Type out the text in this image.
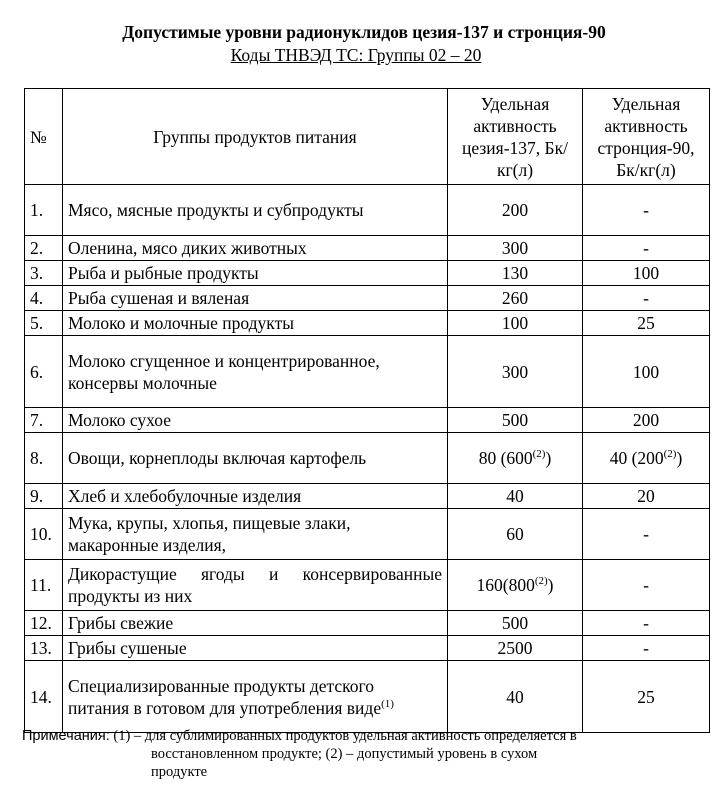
Допустимые уровни радионуклидов цезия-137 и стронция-90
Коды ТНВЭД ТС: Группы 02 – 20
№	Группы продуктов питания	Удельная активность цезия-137, Бк/кг(л)	Удельная активность стронция-90, Бк/кг(л)
1.	Мясо, мясные продукты и субпродукты	200	-
2.	Оленина, мясо диких животных	300	-
3.	Рыба и рыбные продукты	130	100
4.	Рыба сушеная и вяленая	260	-
5.	Молоко и молочные продукты	100	25
6.	Молоко сгущенное и концентрированное, консервы молочные	300	100
7.	Молоко сухое	500	200
8.	Овощи, корнеплоды включая картофель	80 (600$^{(2)}$)	40 (200$^{(2)}$)
9.	Хлеб и хлебобулочные изделия	40	20
10.	Мука, крупы, хлопья, пищевые злаки, макаронные изделия,	60	-
11.	Дикорастущие ягоды и консервированные продукты из них	160(800$^{(2)}$)	-
12.	Грибы свежие	500	-
13.	Грибы сушеные	2500	-
14.	Специализированные продукты детского питания в готовом для употребления виде$^{(1)}$	40	25
Примечания: (1) – для сублимированных продуктов удельная активность определяется в
восстановленном продукте; (2) – допустимый уровень в сухом
продукте
